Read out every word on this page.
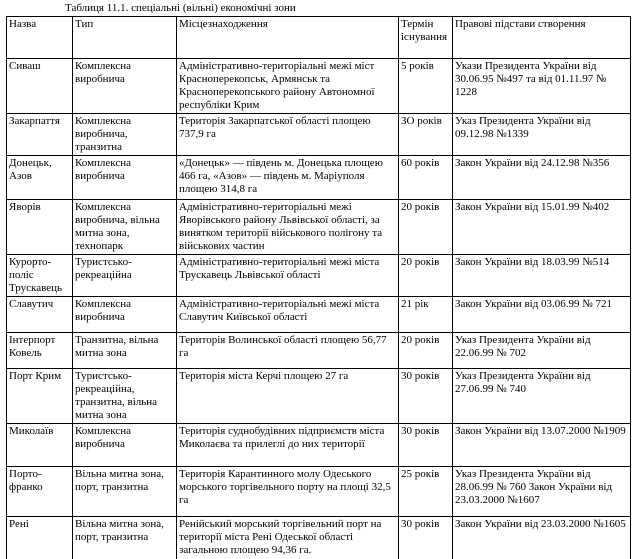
Таблиця 11.1. спеціальні (вільні) економічні зони
Назва	Тип	Місцезнаходження	Термін існування	Правові підстави створення
Сиваш	Комплексна виробнича	Адміністративно-територіальні межі міст Красноперекопськ, Армянськ та Красноперекопського району Автономної республіки Крим	5 років	Укази Президента України від 30.06.95 №497 та від 01.11.97 № 1228
Закарпаття	Комплексна виробнича, транзитна	Територія Закарпатської області площею 737,9 га	ЗО років	Указ Президента України від 09.12.98 №1339
Донецьк, Азов	Комплексна виробнича	«Донецьк» — південь м. Донецька площею 466 га, «Азов» — південь м. Маріуполя площею 314,8 га	60 років	Закон України від 24.12.98 №356
Яворів	Комплексна виробнича, вільна митна зона, технопарк	Адміністративно-територіальні межі Яворівського району Львівської області, за винятком території військового полігону та військових частин	20 років	Закон України від 15.01.99 №402
Курорто-поліс Трускавець	Туристсько-рекреаційна	Адміністративно-територіальні межі міста Трускавець Львівської області	20 років	Закон України від 18.03.99 №514
Славутич	Комплексна виробнича	Адміністративно-територіальні межі міста Славутич Київської області	21 рік	Закон України від 03.06.99 № 721
Інтерпорт Ковель	Транзитна, вільна митна зона	Територія Волинської області площею 56,77 га	20 років	Указ Президента України від 22.06.99 № 702
Порт Крим	Туристсько-рекреаційна, транзитна, вільна митна зона	Територія міста Керчі площею 27 га	30 років	Указ Президента України від 27.06.99 № 740
Миколаїв	Комплексна виробнича	Територія суднобудівних підприємств міста Миколаєва та прилеглі до них території	30 років	Закон України від 13.07.2000 №1909
Порто-франко	Вільна митна зона, порт, транзитна	Територія Карантинного молу Одеського морського торгівельного порту на площі 32,5 га	25 років	Указ Президента України від 28.06.99 № 760 Закон України від 23.03.2000 №1607
Рені	Вільна митна зона, порт, транзитна	Ренійський морський торгівельний порт на території міста Рені Одеської області загальною площею 94,36 га.	30 років	Закон України від 23.03.2000 №1605
